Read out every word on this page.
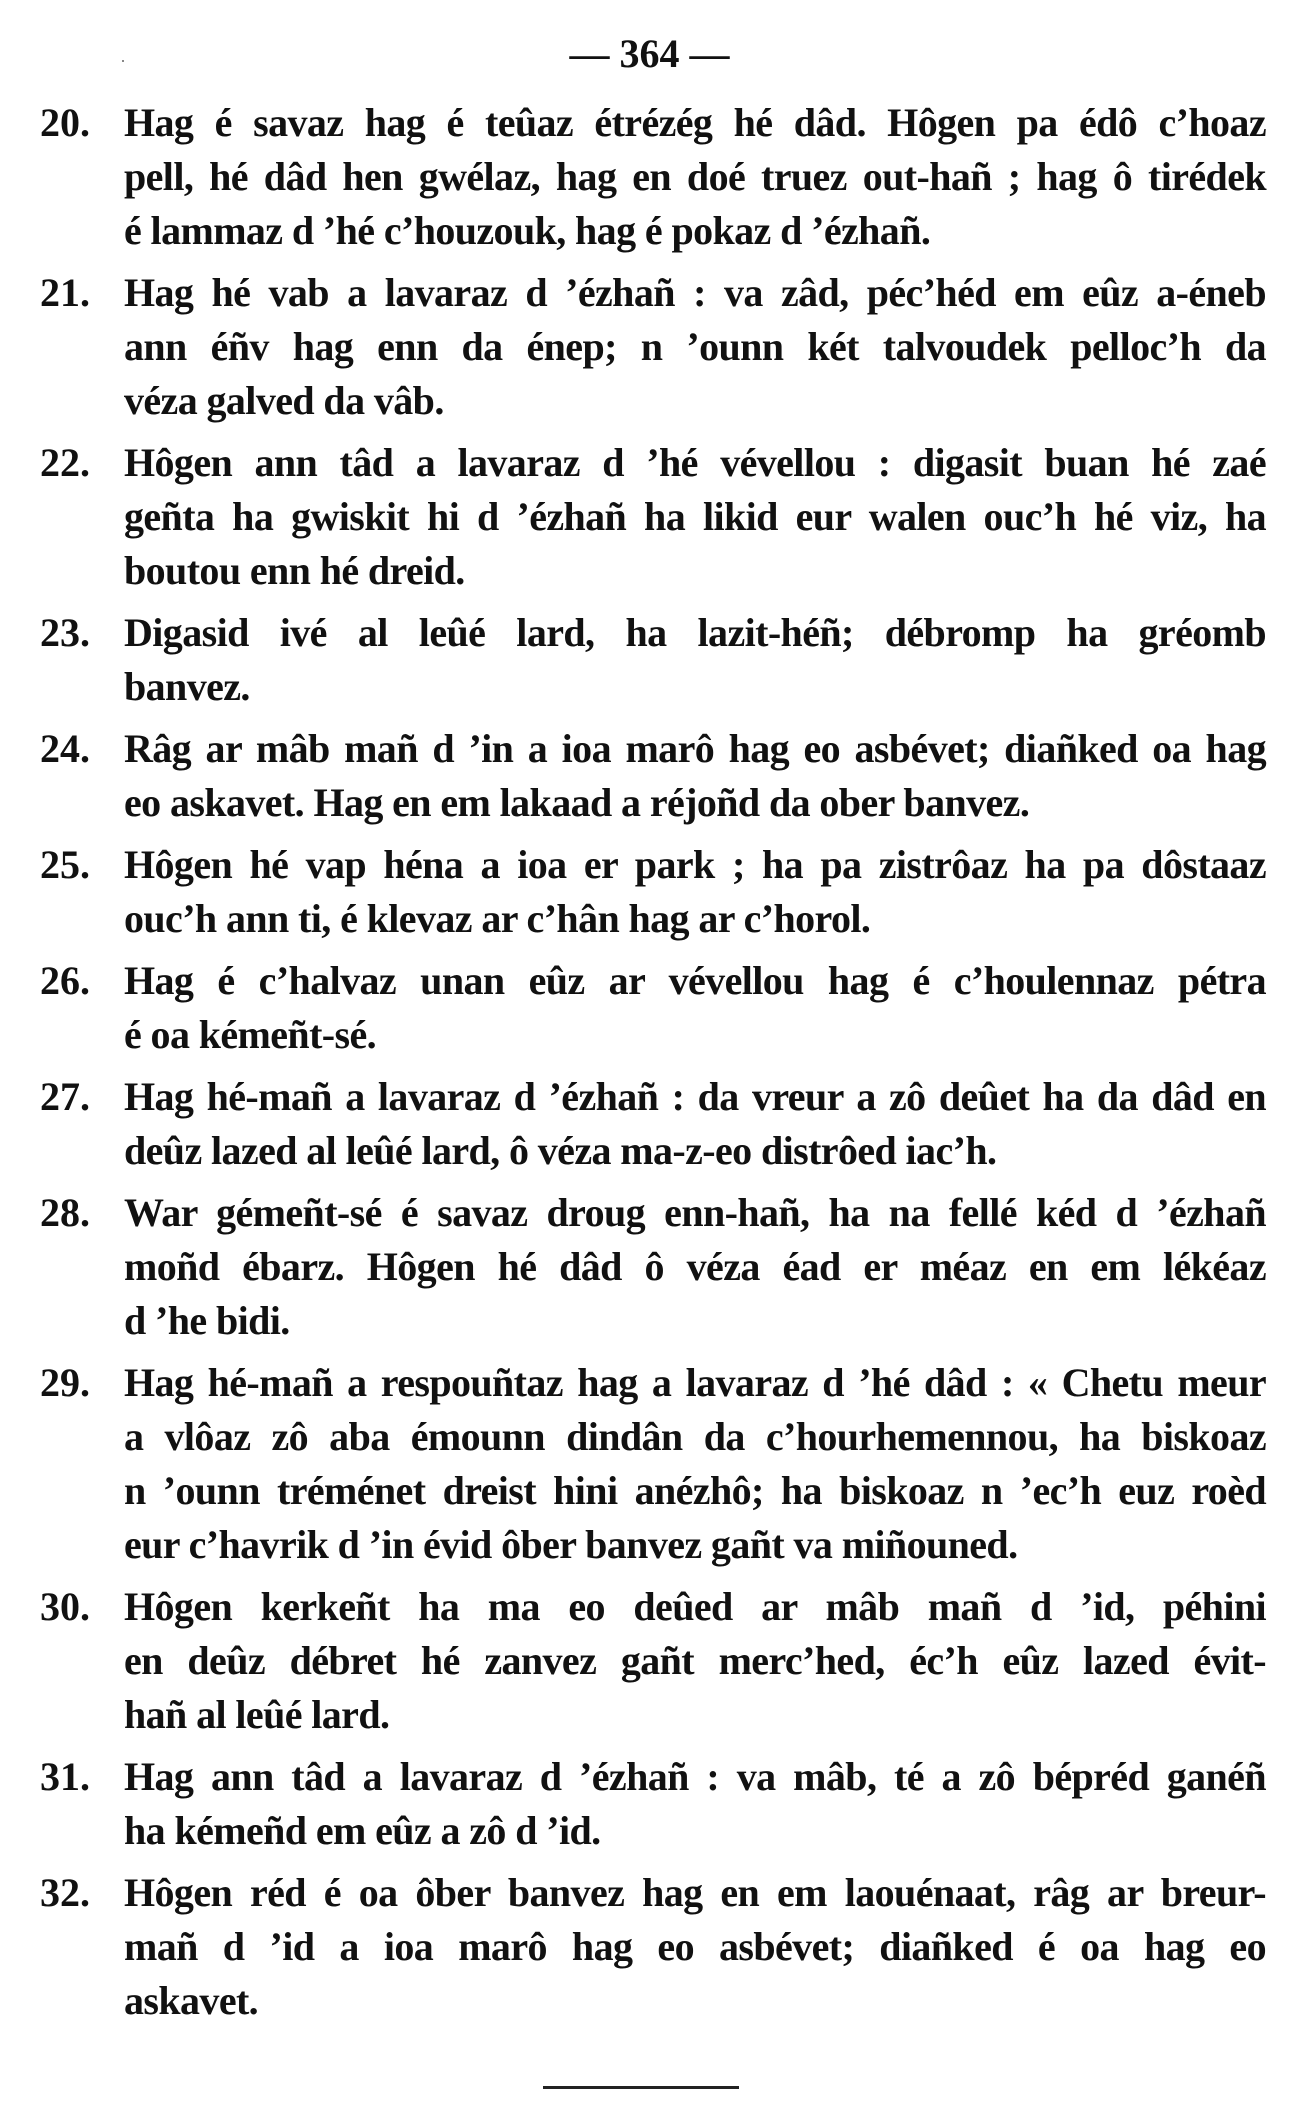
— 364 —
20. Hag é savaz hag é teûaz étrézég hé dâd. Hôgen pa édô c’hoaz
pell, hé dâd hen gwélaz, hag en doé truez out-hañ ; hag ô tirédek
é lammaz d ’hé c’houzouk, hag é pokaz d ’ézhañ.
21. Hag hé vab a lavaraz d ’ézhañ : va zâd, péc’héd em eûz a-éneb
ann éñv hag enn da énep; n ’ounn két talvoudek pelloc’h da
véza galved da vâb.
22. Hôgen ann tâd a lavaraz d ’hé vévellou : digasit buan hé zaé
geñta ha gwiskit hi d ’ézhañ ha likid eur walen ouc’h hé viz, ha
boutou enn hé dreid.
23. Digasid ivé al leûé lard, ha lazit-héñ; débromp ha gréomb
banvez.
24. Râg ar mâb mañ d ’in a ioa marô hag eo asbévet; diañked oa hag
eo askavet. Hag en em lakaad a réjoñd da ober banvez.
25. Hôgen hé vap héna a ioa er park ; ha pa zistrôaz ha pa dôstaaz
ouc’h ann ti, é klevaz ar c’hân hag ar c’horol.
26. Hag é c’halvaz unan eûz ar vévellou hag é c’houlennaz pétra
é oa kémeñt-sé.
27. Hag hé-mañ a lavaraz d ’ézhañ : da vreur a zô deûet ha da dâd en
deûz lazed al leûé lard, ô véza ma-z-eo distrôed iac’h.
28. War gémeñt-sé é savaz droug enn-hañ, ha na fellé kéd d ’ézhañ
moñd ébarz. Hôgen hé dâd ô véza éad er méaz en em lékéaz
d ’he bidi.
29. Hag hé-mañ a respouñtaz hag a lavaraz d ’hé dâd : « Chetu meur
a vlôaz zô aba émounn dindân da c’hourhemennou, ha biskoaz
n ’ounn tréménet dreist hini anézhô; ha biskoaz n ’ec’h euz roèd
eur c’havrik d ’in évid ôber banvez gañt va miñouned.
30. Hôgen kerkeñt ha ma eo deûed ar mâb mañ d ’id, péhini
en deûz débret hé zanvez gañt merc’hed, éc’h eûz lazed évit-
hañ al leûé lard.
31. Hag ann tâd a lavaraz d ’ézhañ : va mâb, té a zô bépréd ganéñ
ha kémeñd em eûz a zô d ’id.
32. Hôgen réd é oa ôber banvez hag en em laouénaat, râg ar breur-
mañ d ’id a ioa marô hag eo asbévet; diañked é oa hag eo
askavet.
